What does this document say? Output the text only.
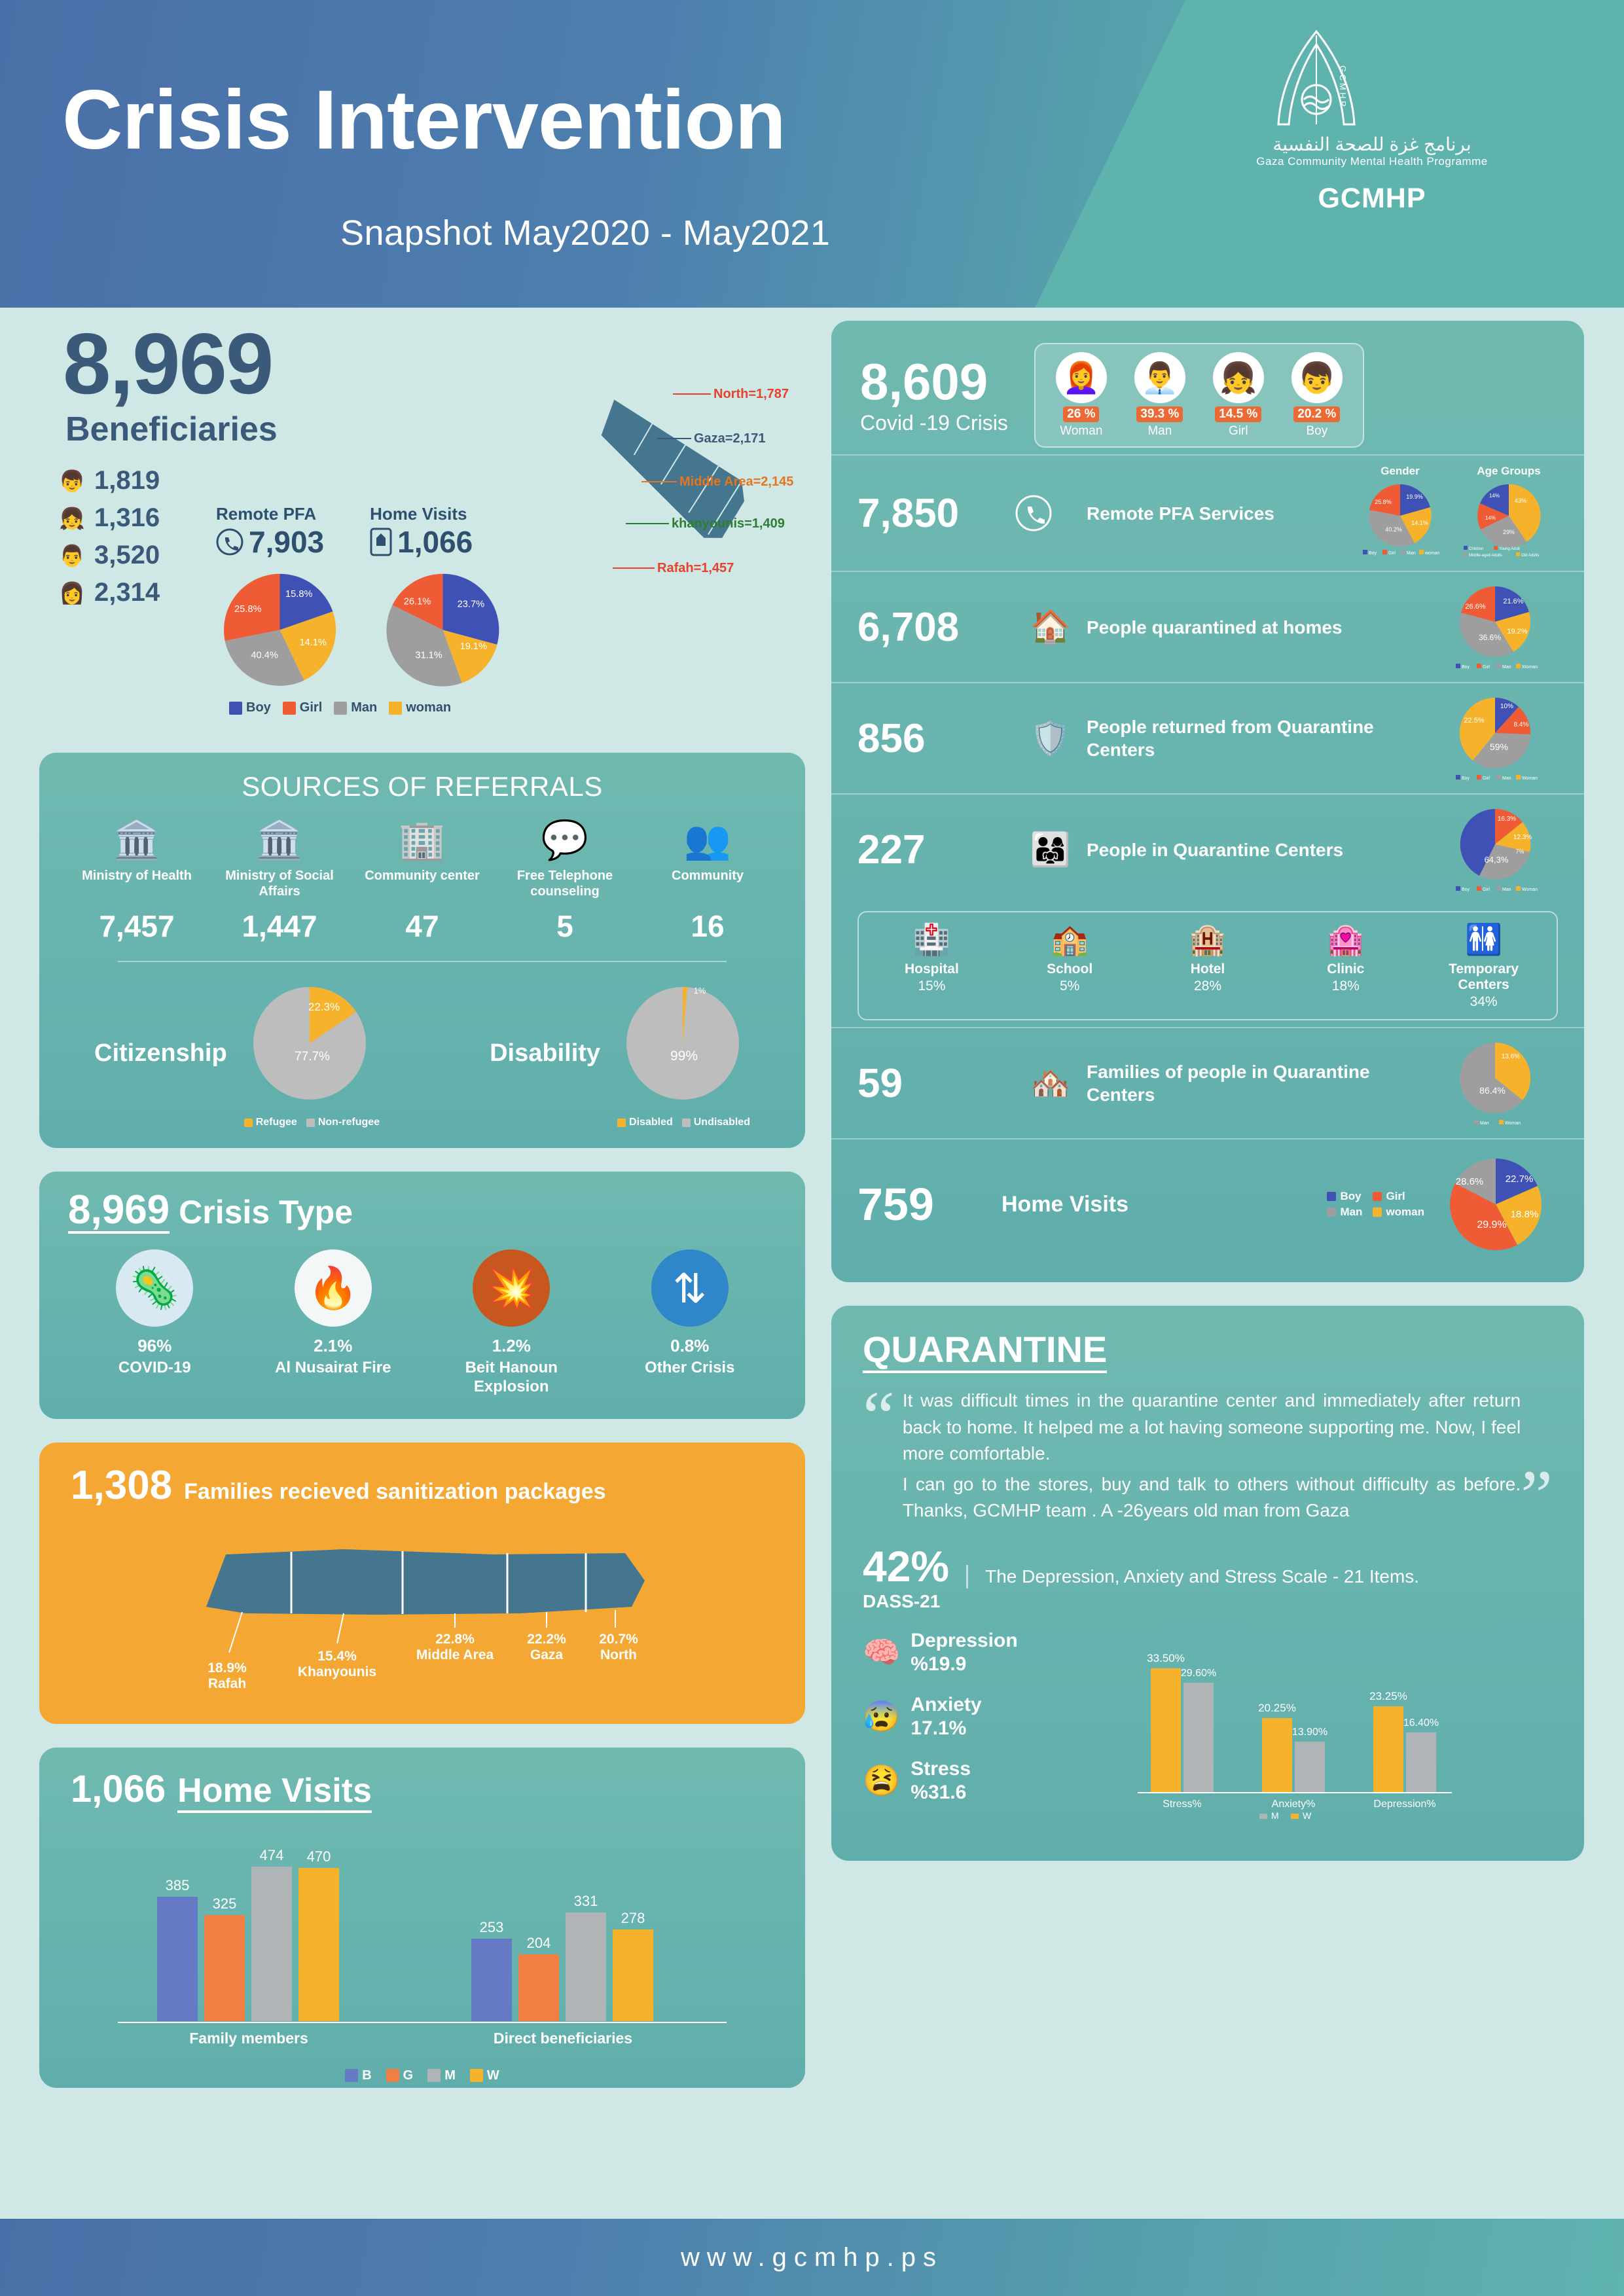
Crisis Intervention
Snapshot May2020 - May2021
G C M H P
برنامج غزة للصحة النفسية
Gaza Community Mental Health Programme
GCMHP
8,969
Beneficiaries
👦 1,819
👧 1,316
👨 3,520
👩 2,314
Remote PFA
7,903
Home Visits
1,066
15.8%
25.8%
40.4%
14.1%
23.7%
26.1%
31.1%
19.1%
Boy Girl Man woman
North=1,787
Gaza=2,171
Middle Area=2,145
khanyounis=1,409
Rafah=1,457
SOURCES OF REFERRALS
🏛️
Ministry of Health
7,457
🏛️
Ministry of Social Affairs
1,447
🏢
Community center
47
💬
Free Telephone counseling
5
👥
Community
16
Citizenship
22.3%
77.7%
Refugee Non-refugee
Disability
1%
99%
Disabled Undisabled
8,969 Crisis Type
🦠
96%
COVID-19
🔥
2.1%
Al Nusairat Fire
💥
1.2%
Beit Hanoun Explosion
⇅
0.8%
Other Crisis
1,308 Families recieved sanitization packages
18.9%
Rafah
15.4%
Khanyounis
22.8%
Middle Area
22.2%
Gaza
20.7%
North
1,066 Home Visits
385
325
474 470
253
204
331
278
Family members	Direct beneficiaries
B G M W
8,609
Covid -19 Crisis
👩‍🦰
26 %
Woman
👨‍💼
39.3 %
Man
👧
14.5 %
Girl
👦
20.2 %
Boy
7,850	Remote PFA Services
Gender
19.9%
14.1%
40.2%
25.8%
Boy	Girl Man woman
Age Groups
43%
29%
14%
14%
Children	Young Adult
Middle-aged Adults	Old Adults
6,708	🏠 People quarantined at homes
21.6%
19.2%
36.6%
26.6%
Boy	Girl	Man Woman
856	🛡️ People returned from Quarantine Centers
10%
8.4%
59%
22.5%
Boy	Girl	Man Woman
227	👨‍👩‍👧 People in Quarantine Centers
16.3%
12.3%
7%
64,3%
Boy	Girl	Man Woman
🏥
Hospital
15%
🏫
School
5%
🏨
Hotel
28%
🏩
Clinic
18%
🚻
Temporary Centers
34%
59	🏘️ Families of people in Quarantine Centers
13.6%
86.4%
Man	Woman
759	Home Visits	Boy Girl
Man woman
22.7%
18.8%
29.9%
28.6%
QUARANTINE
“ It was difficult times in the quarantine center and immediately after return back to home. It helped me a lot having someone supporting me. Now, I feel more comfortable.
I can go to the stores, buy and talk to others without difficulty as before. Thanks, GCMHP team . A -26years old man from Gaza	”
42%
DASS-21
The Depression, Anxiety and Stress Scale - 21 Items.
🧠 Depression
%19.9
😰 Anxiety
17.1%
😫 Stress
%31.6
33.50%
29.60%
20.25%
13.90%
23.25%
16.40%
Stress%	Anxiety%	Depression%
M	W
www.gcmhp.ps
